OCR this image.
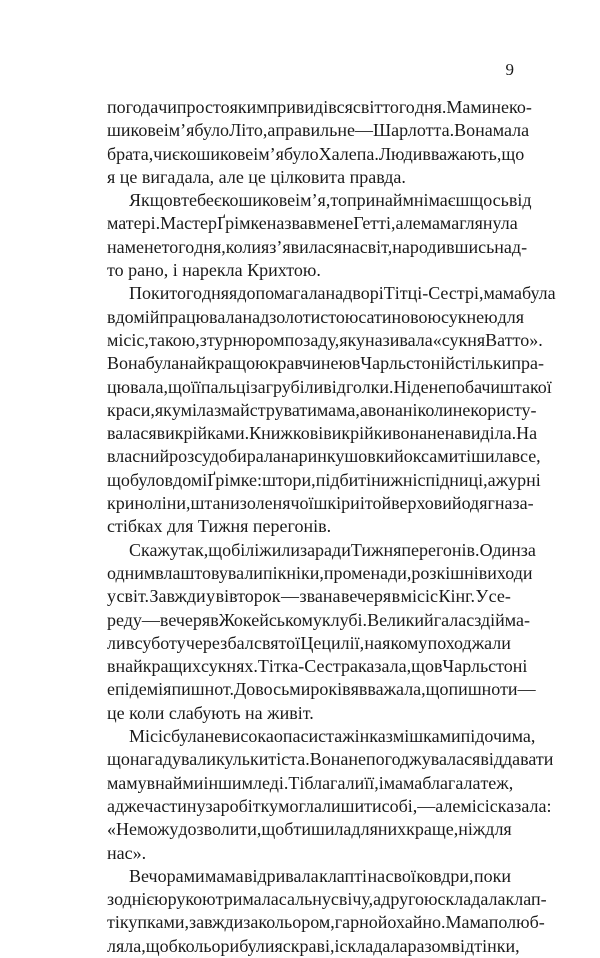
9
погода чи просто яким привидівся світ того дня. Мамине ко-
шикове ім’я було Літо, а правильне — Шарлотта. Вона мала
брата, чиє кошикове ім’я було Халепа. Люди вважають, що
я це вигадала, але це цілковита правда.
Якщо в тебе є кошикове ім’я, то принаймні маєш щось від
матері. Мастер Ґрімке назвав мене Гетті, але мама глянула
на мене того дня, коли я з’явилася на світ, народившись над-
то рано, і нарекла Крихтою.
Поки того дня я допомагала надворі Тітці-Сестрі, мама була
в домі й працювала над золотистою сатиновою сукнею для
місіс, такою, з турнюром позаду, яку називала «сукня Ватто».
Вона була найкращою кравчинею в Чарльстоні й стільки пра-
цювала, що її пальці загрубіли від голки. Ніде не побачиш такої
краси, як уміла змайструвати мама, а вона ніколи не користу-
валася викрійками. Книжкові викрійки вона ненавиділа. На
власний розсуд обирала на ринку шовки й оксамит і шила все,
що було в домі Ґрімке: штори, підбиті нижні спідниці, ажурні
криноліни, штани з оленячої шкіри і той верховий одяг на за-
стібках для Тижня перегонів.
Скажу так, що білі жили заради Тижня перегонів. Один за
одним влаштовували пікніки, променади, розкішні виходи
у світ. Завжди у вівторок — звана вечеря в місіс Кінг. У се-
реду — вечеря в Жокейському клубі. Великий галас здійма-
ли в суботу через бал святої Цецилії, на якому походжали
в найкращих сукнях. Тітка-Сестра казала, що в Чарльстоні
епідемія пишнот. До восьми років я вважала, що пишноти —
це коли слабують на живіт.
Місіс була невисока опасиста жінка з мішками під очима,
що нагадували кульки тіста. Вона не погоджувалася віддавати
маму в найми іншим леді. Ті благали її, і мама благала теж,
адже частину заробітку могла лишити собі, — але місіс казала:
«Не можу дозволити, щоб ти шила для них краще, ніж для
нас».
Вечорами мама відривала клапті на свої ковдри, поки
з однією рукою тримала сальну свічу, а другою складала клап-
ті купками, завжди за кольором, гарно й охайно. Мама полюб-
ляла, щоб кольори були яскраві, і складала разом відтінки,
